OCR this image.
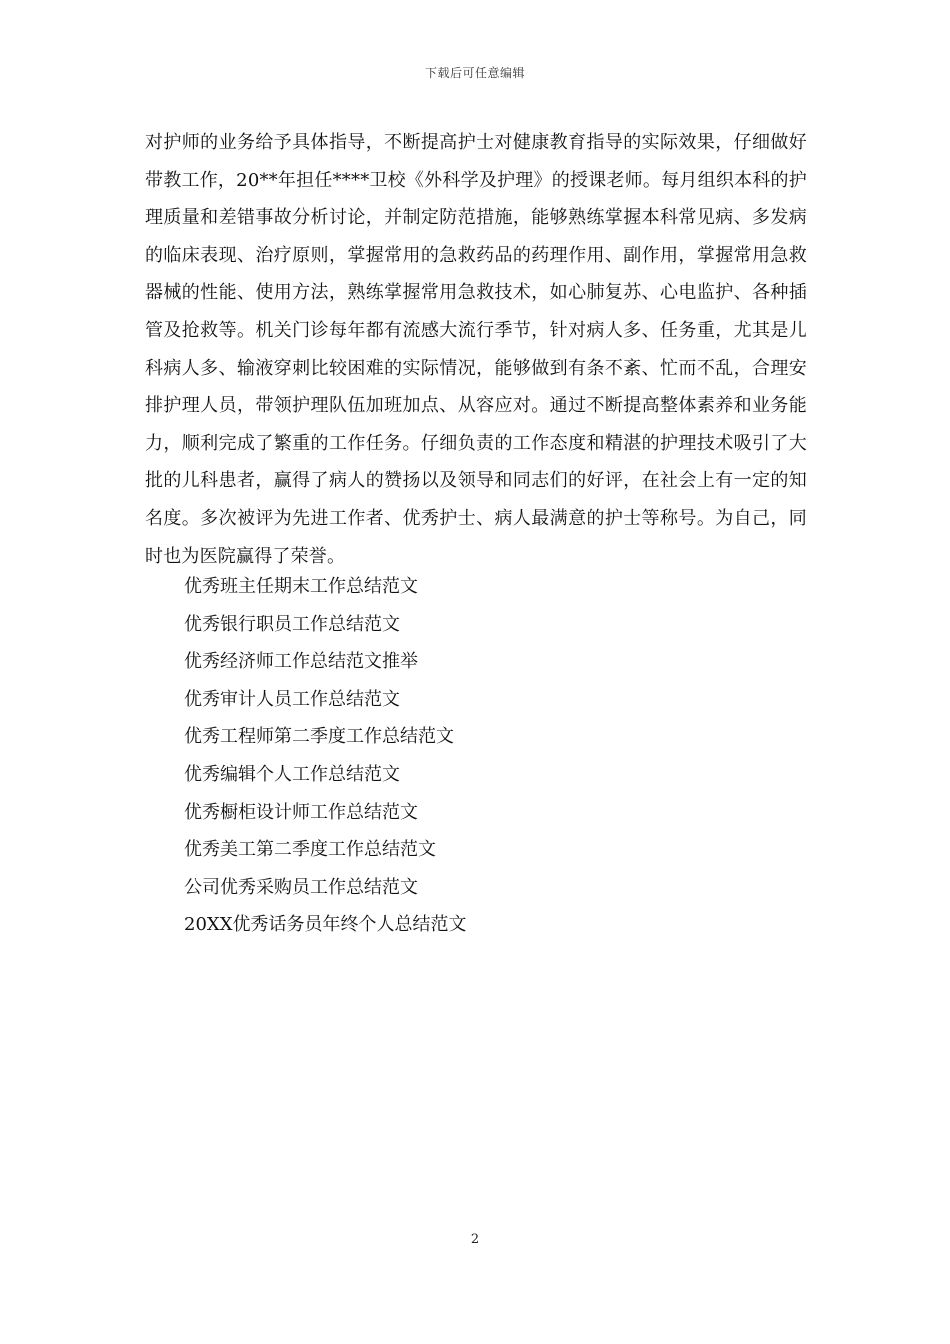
下载后可任意编辑

对护师的业务给予具体指导，不断提高护士对健康教育指导的实际效果，仔细做好带教工作，20**年担任****卫校《外科学及护理》的授课老师。每月组织本科的护理质量和差错事故分析讨论，并制定防范措施，能够熟练掌握本科常见病、多发病的临床表现、治疗原则，掌握常用的急救药品的药理作用、副作用，掌握常用急救器械的性能、使用方法，熟练掌握常用急救技术，如心肺复苏、心电监护、各种插管及抢救等。机关门诊每年都有流感大流行季节，针对病人多、任务重，尤其是儿科病人多、输液穿刺比较困难的实际情况，能够做到有条不紊、忙而不乱，合理安排护理人员，带领护理队伍加班加点、从容应对。通过不断提高整体素养和业务能力，顺利完成了繁重的工作任务。仔细负责的工作态度和精湛的护理技术吸引了大批的儿科患者，赢得了病人的赞扬以及领导和同志们的好评，在社会上有一定的知名度。多次被评为先进工作者、优秀护士、病人最满意的护士等称号。为自己，同时也为医院赢得了荣誉。

优秀班主任期末工作总结范文
优秀银行职员工作总结范文
优秀经济师工作总结范文推举
优秀审计人员工作总结范文
优秀工程师第二季度工作总结范文
优秀编辑个人工作总结范文
优秀橱柜设计师工作总结范文
优秀美工第二季度工作总结范文
公司优秀采购员工作总结范文
20XX优秀话务员年终个人总结范文
2
